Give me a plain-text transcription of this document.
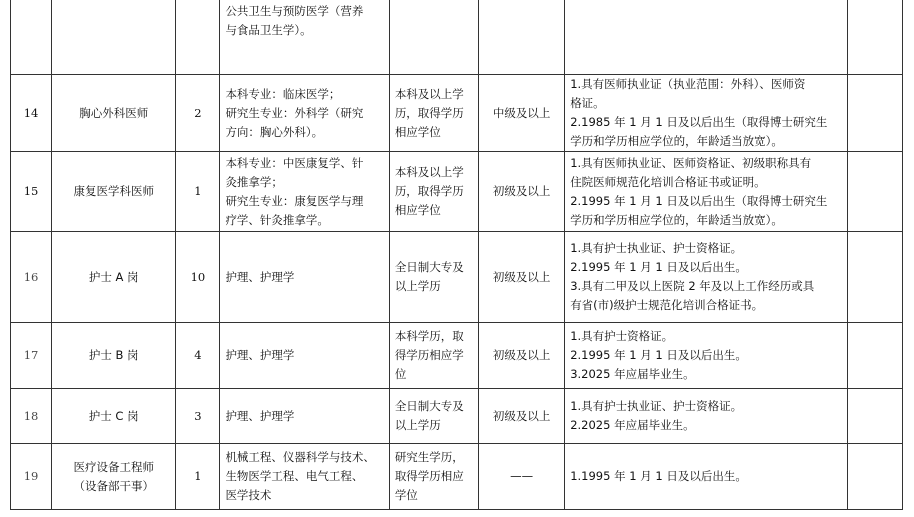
			公共卫生与预防医学（营养
与食品卫生学）。				

14	胸心外科医师	2	本科专业：临床医学；
研究生专业：外科学（研究
方向：胸心外科）。	本科及以上学
历，取得学历
相应学位	中级及以上	1.具有医师执业证（执业范围：外科）、医师资
格证。
2.1985 年 1 月 1 日及以后出生（取得博士研究生
学历和学历相应学位的，年龄适当放宽）。	

15	康复医学科医师	1	本科专业：中医康复学、针
灸推拿学；
研究生专业：康复医学与理
疗学、针灸推拿学。	本科及以上学
历，取得学历
相应学位	初级及以上	1.具有医师执业证、医师资格证、初级职称具有
住院医师规范化培训合格证书或证明。
2.1995 年 1 月 1 日及以后出生（取得博士研究生
学历和学历相应学位的，年龄适当放宽）。	

16	护士 A 岗	10	护理、护理学	全日制大专及
以上学历	初级及以上	1.具有护士执业证、护士资格证。
2.1995 年 1 月 1 日及以后出生。
3.具有二甲及以上医院 2 年及以上工作经历或具
有省(市)级护士规范化培训合格证书。	

17	护士 B 岗	4	护理、护理学	本科学历，取
得学历相应学
位	初级及以上	1.具有护士资格证。
2.1995 年 1 月 1 日及以后出生。
3.2025 年应届毕业生。	

18	护士 C 岗	3	护理、护理学	全日制大专及
以上学历	初级及以上	1.具有护士执业证、护士资格证。
2.2025 年应届毕业生。	

19	医疗设备工程师
（设备部干事）	1	机械工程、仪器科学与技术、
生物医学工程、电气工程、
医学技术	研究生学历，
取得学历相应
学位	——	1.1995 年 1 月 1 日及以后出生。	
